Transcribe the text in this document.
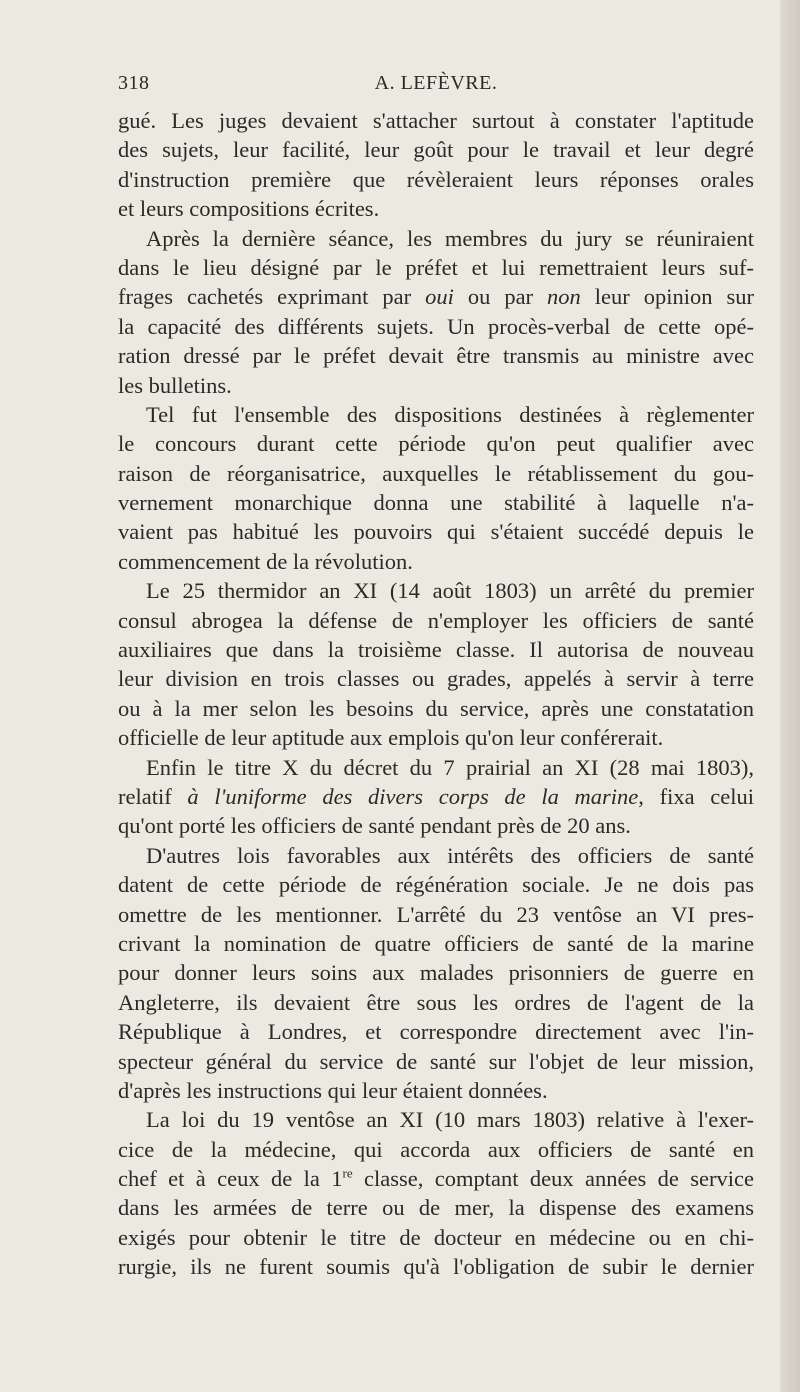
318	A. LEFÈVRE.
gué. Les juges devaient s'attacher surtout à constater l'aptitude
des sujets, leur facilité, leur goût pour le travail et leur degré
d'instruction première que révèleraient leurs réponses orales
et leurs compositions écrites.
Après la dernière séance, les membres du jury se réuniraient
dans le lieu désigné par le préfet et lui remettraient leurs suf-
frages cachetés exprimant par oui ou par non leur opinion sur
la capacité des différents sujets. Un procès-verbal de cette opé-
ration dressé par le préfet devait être transmis au ministre avec
les bulletins.
Tel fut l'ensemble des dispositions destinées à règlementer
le concours durant cette période qu'on peut qualifier avec
raison de réorganisatrice, auxquelles le rétablissement du gou-
vernement monarchique donna une stabilité à laquelle n'a-
vaient pas habitué les pouvoirs qui s'étaient succédé depuis le
commencement de la révolution.
Le 25 thermidor an XI (14 août 1803) un arrêté du premier
consul abrogea la défense de n'employer les officiers de santé
auxiliaires que dans la troisième classe. Il autorisa de nouveau
leur division en trois classes ou grades, appelés à servir à terre
ou à la mer selon les besoins du service, après une constatation
officielle de leur aptitude aux emplois qu'on leur conférerait.
Enfin le titre X du décret du 7 prairial an XI (28 mai 1803),
relatif à l'uniforme des divers corps de la marine, fixa celui
qu'ont porté les officiers de santé pendant près de 20 ans.
D'autres lois favorables aux intérêts des officiers de santé
datent de cette période de régénération sociale. Je ne dois pas
omettre de les mentionner. L'arrêté du 23 ventôse an VI pres-
crivant la nomination de quatre officiers de santé de la marine
pour donner leurs soins aux malades prisonniers de guerre en
Angleterre, ils devaient être sous les ordres de l'agent de la
République à Londres, et correspondre directement avec l'in-
specteur général du service de santé sur l'objet de leur mission,
d'après les instructions qui leur étaient données.
La loi du 19 ventôse an XI (10 mars 1803) relative à l'exer-
cice de la médecine, qui accorda aux officiers de santé en
chef et à ceux de la 1re classe, comptant deux années de service
dans les armées de terre ou de mer, la dispense des examens
exigés pour obtenir le titre de docteur en médecine ou en chi-
rurgie, ils ne furent soumis qu'à l'obligation de subir le dernier
